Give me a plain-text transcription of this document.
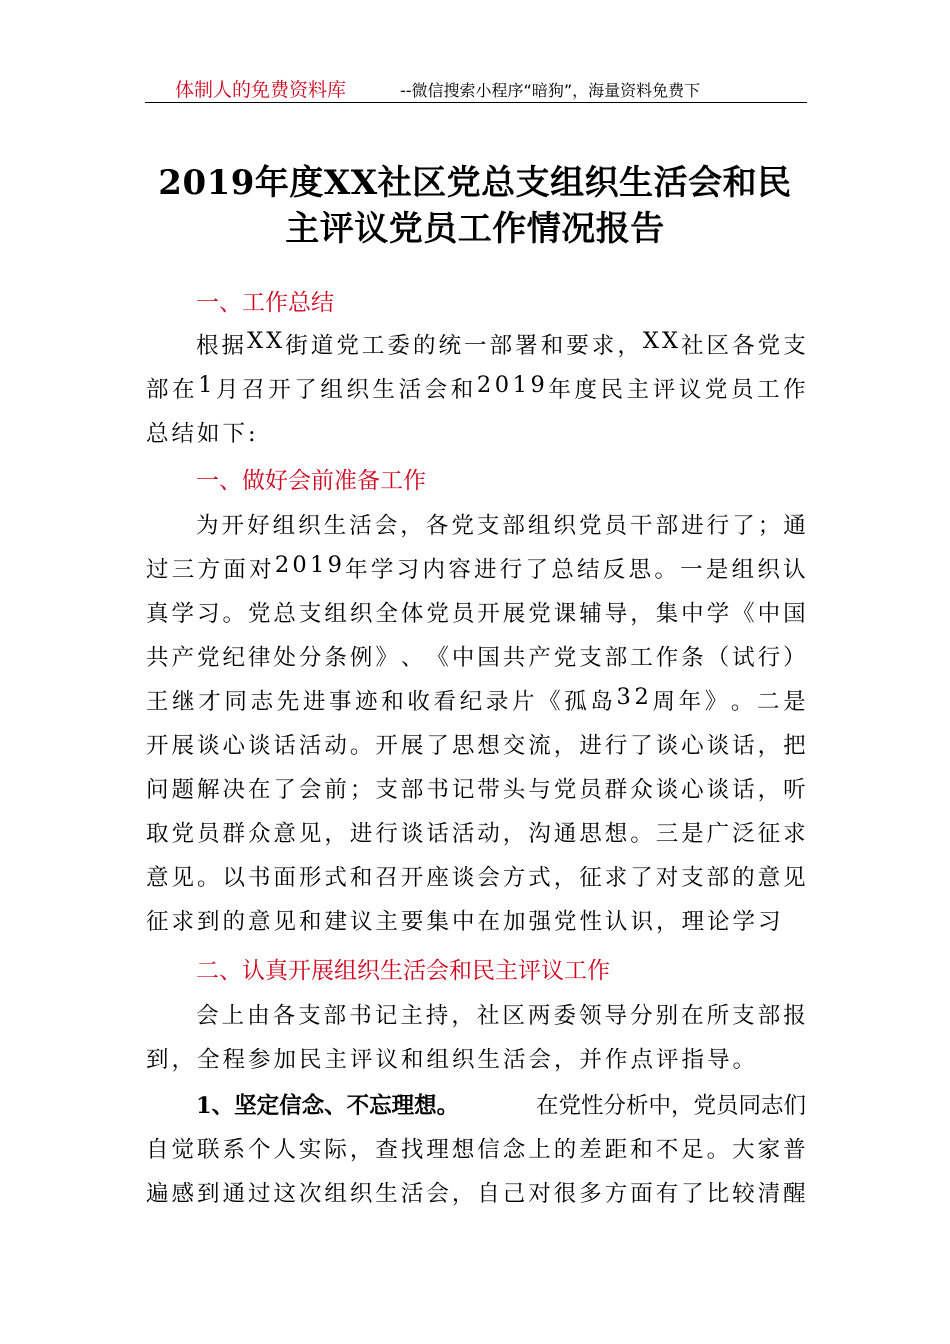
体制人的免费资料库	--微信搜索小程序“暗狗”，海量资料免费下
2019年度XX社区党总支组织生活会和民
主评议党员工作情况报告
一、工作总结
根 据 X X 街 道 党 工 委 的 统 一 部 署 和 要 求 ， X X 社 区 各 党 支
部 在 1 月 召 开 了 组 织 生 活 会 和 2 0 1 9 年 度 民 主 评 议 党 员 工 作
总结如下:
一、做好会前准备工作
为 开 好 组 织 生 活 会 ， 各 党 支 部 组 织 党 员 干 部 进 行 了 ； 通
过 三 方 面 对 2 0 1 9 年 学 习 内 容 进 行 了 总 结 反 思 。 一 是 组 织 认
真 学 习 。 党 总 支 组 织 全 体 党 员 开 展 党 课 辅 导 ， 集 中 学 《 中 国
共 产 党 纪 律 处 分 条 例 》 、 《 中 国 共 产 党 支 部 工 作 条 （ 试 行 ）
王 继 才 同 志 先 进 事 迹 和 收 看 纪 录 片 《 孤 岛 3 2 周 年 》 。 二 是
开 展 谈 心 谈 话 活 动 。 开 展 了 思 想 交 流 ， 进 行 了 谈 心 谈 话 ， 把
问 题 解 决 在 了 会 前 ； 支 部 书 记 带 头 与 党 员 群 众 谈 心 谈 话 ， 听
取 党 员 群 众 意 见 ， 进 行 谈 话 活 动 ， 沟 通 思 想 。 三 是 广 泛 征 求
意 见 。 以 书 面 形 式 和 召 开 座 谈 会 方 式 ， 征 求 了 对 支 部 的 意 见
征求到的意见和建议主要集中在加强党性认识，理论学习
二、认真开展组织生活会和民主评议工作
会 上 由 各 支 部 书 记 主 持 ， 社 区 两 委 领 导 分 别 在 所 支 部 报
到，全程参加民主评议和组织生活会，并作点评指导。
1、坚定信念、不忘理想。	在党性分析中，党员同志们
自 觉 联 系 个 人 实 际 ， 查 找 理 想 信 念 上 的 差 距 和 不 足 。 大 家 普
遍 感 到 通 过 这 次 组 织 生 活 会 ， 自 己 对 很 多 方 面 有 了 比 较 清 醒
